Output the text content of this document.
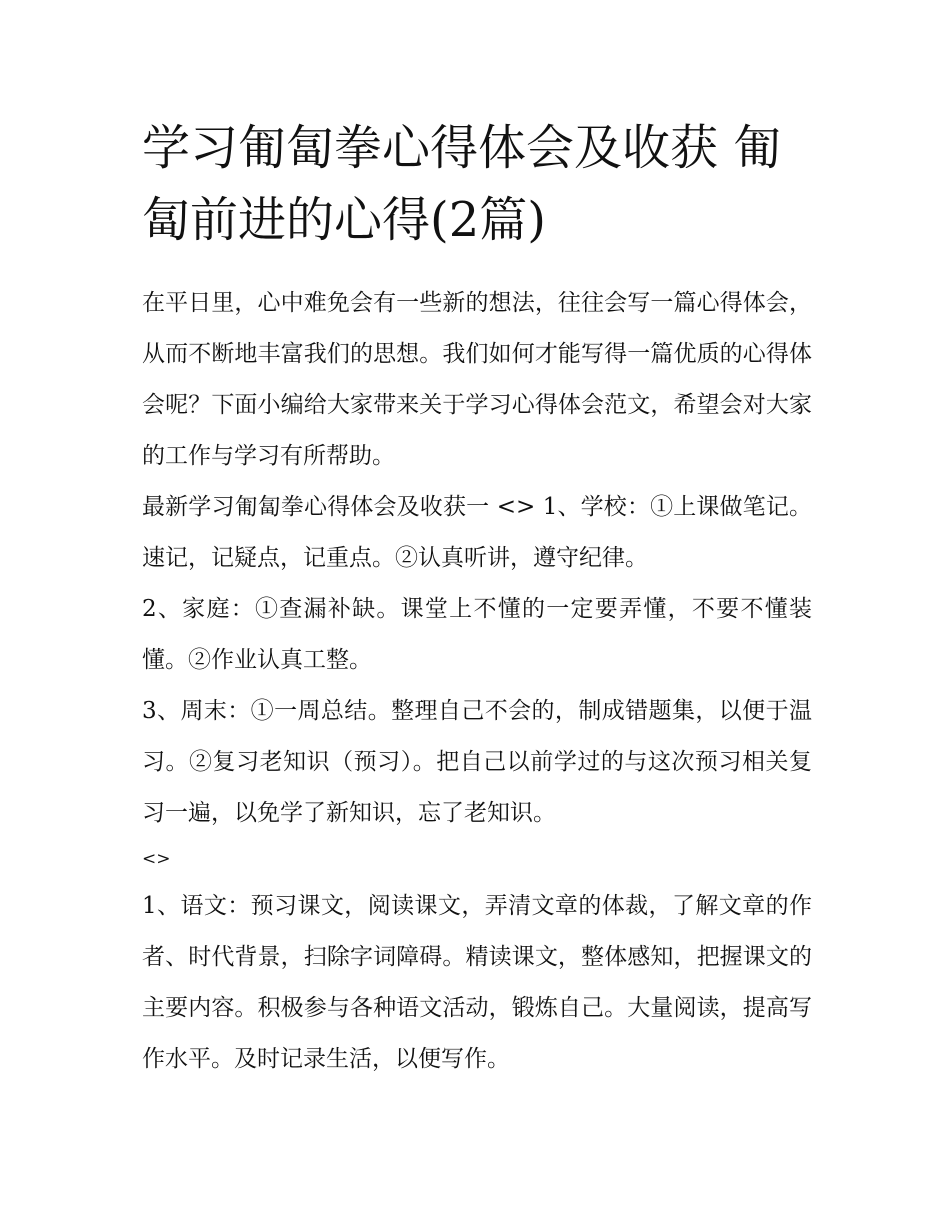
学习匍匐拳心得体会及收获 匍匐前进的心得(2篇)

在平日里，心中难免会有一些新的想法，往往会写一篇心得体会，从而不断地丰富我们的思想。我们如何才能写得一篇优质的心得体会呢？下面小编给大家带来关于学习心得体会范文，希望会对大家的工作与学习有所帮助。

最新学习匍匐拳心得体会及收获一 <> 1、学校：①上课做笔记。速记，记疑点，记重点。②认真听讲，遵守纪律。

2、家庭：①查漏补缺。课堂上不懂的一定要弄懂，不要不懂装懂。②作业认真工整。

3、周末：①一周总结。整理自己不会的，制成错题集，以便于温习。②复习老知识（预习）。把自己以前学过的与这次预习相关复习一遍，以免学了新知识，忘了老知识。

<>

1、语文：预习课文，阅读课文，弄清文章的体裁，了解文章的作者、时代背景，扫除字词障碍。精读课文，整体感知，把握课文的主要内容。积极参与各种语文活动，锻炼自己。大量阅读，提高写作水平。及时记录生活，以便写作。
